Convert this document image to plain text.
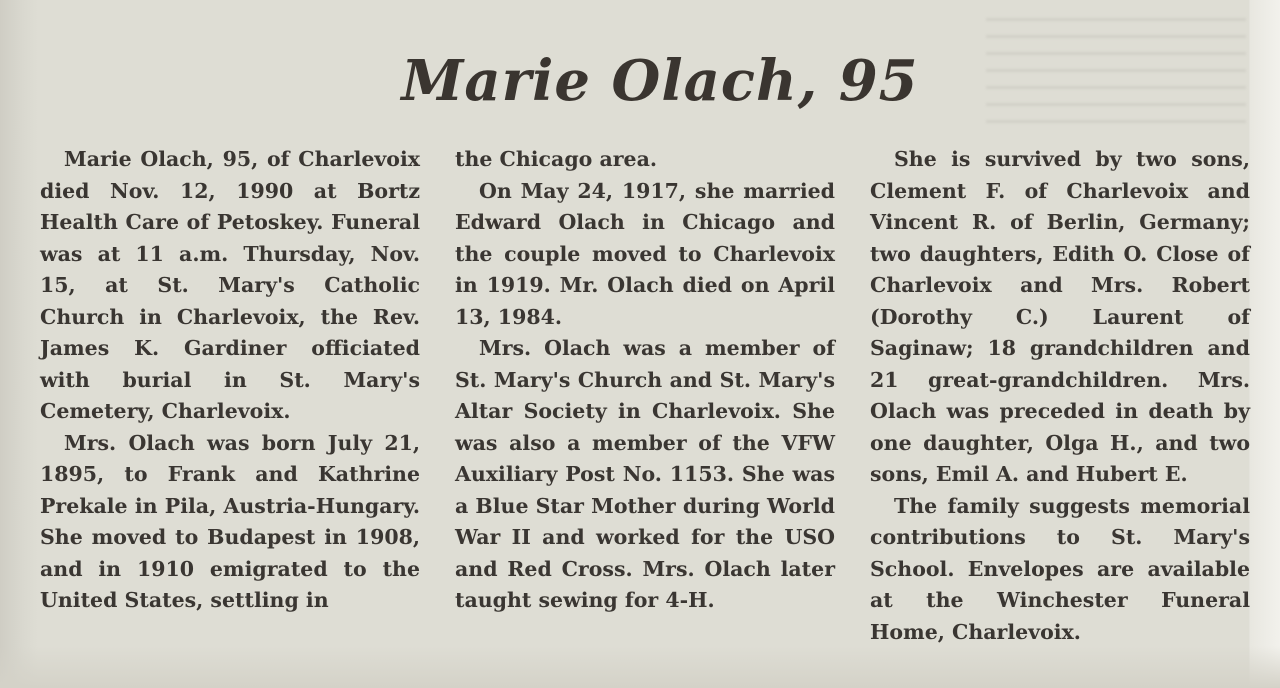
Marie Olach, 95

Marie Olach, 95, of Charlevoix died Nov. 12, 1990 at Bortz Health Care of Petoskey. Funeral was at 11 a.m. Thursday, Nov. 15, at St. Mary's Catholic Church in Charlevoix, the Rev. James K. Gardiner officiated with burial in St. Mary's Cemetery, Charlevoix.

Mrs. Olach was born July 21, 1895, to Frank and Kathrine Prekale in Pila, Austria-Hungary. She moved to Budapest in 1908, and in 1910 emigrated to the United States, settling in

the Chicago area.

On May 24, 1917, she married Edward Olach in Chicago and the couple moved to Charlevoix in 1919. Mr. Olach died on April 13, 1984.

Mrs. Olach was a member of St. Mary's Church and St. Mary's Altar Society in Charlevoix. She was also a member of the VFW Auxiliary Post No. 1153. She was a Blue Star Mother during World War II and worked for the USO and Red Cross. Mrs. Olach later taught sewing for 4-H.

She is survived by two sons, Clement F. of Charlevoix and Vincent R. of Berlin, Germany; two daughters, Edith O. Close of Charlevoix and Mrs. Robert (Dorothy C.) Laurent of Saginaw; 18 grandchildren and 21 great-grandchildren. Mrs. Olach was preceded in death by one daughter, Olga H., and two sons, Emil A. and Hubert E.

The family suggests memorial contributions to St. Mary's School. Envelopes are available at the Winchester Funeral Home, Charlevoix.
